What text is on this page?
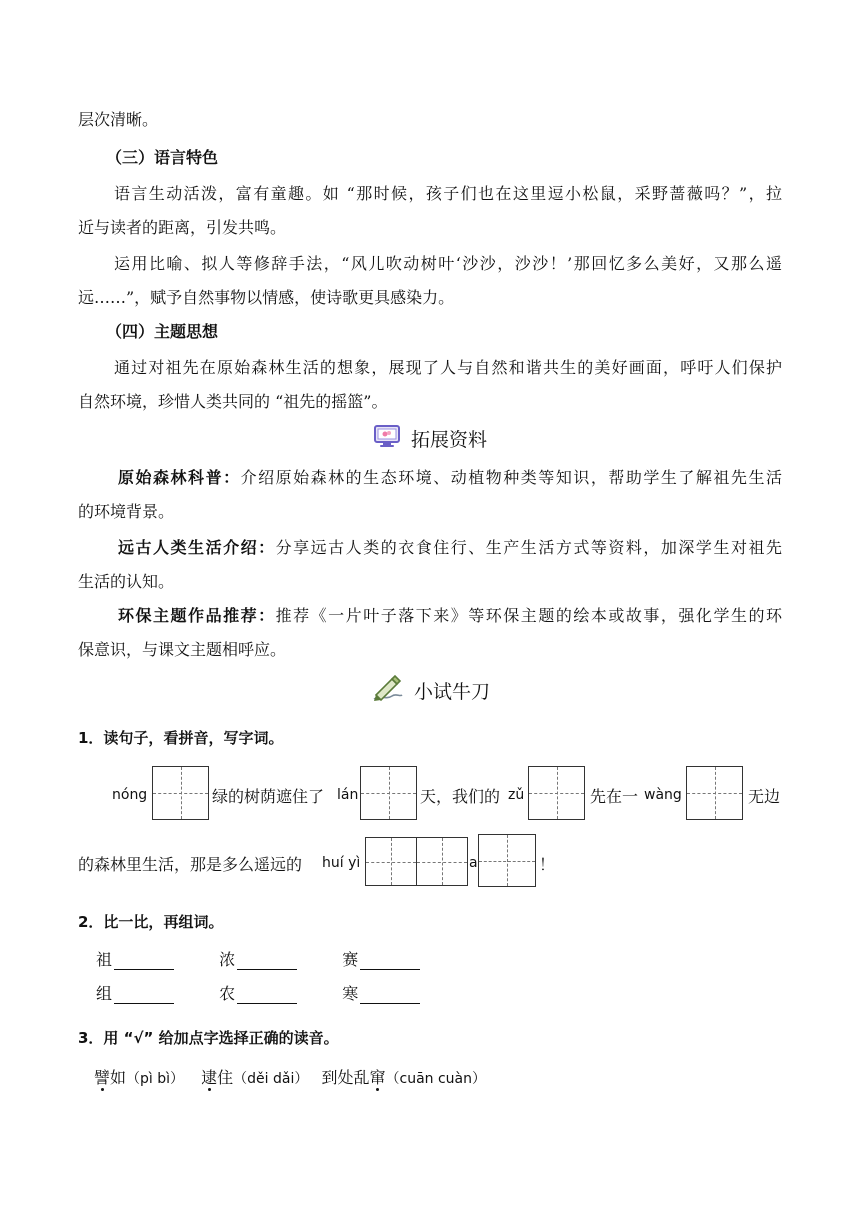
层次清晰。
（三）语言特色
语言生动活泼，富有童趣。如 “那时候，孩子们也在这里逗小松鼠，采野蔷薇吗？”，拉
近与读者的距离，引发共鸣。
运用比喻、拟人等修辞手法，“风儿吹动树叶‘沙沙，沙沙！’那回忆多么美好，又那么遥
远……”，赋予自然事物以情感，使诗歌更具感染力。
（四）主题思想
通过对祖先在原始森林生活的想象，展现了人与自然和谐共生的美好画面，呼吁人们保护
自然环境，珍惜人类共同的 “祖先的摇篮”。
拓展资料
原始森林科普：介绍原始森林的生态环境、动植物种类等知识，帮助学生了解祖先生活
的环境背景。
远古人类生活介绍：分享远古人类的衣食住行、生产生活方式等资料，加深学生对祖先
生活的认知。
环保主题作品推荐：推荐《一片叶子落下来》等环保主题的绘本或故事，强化学生的环
保意识，与课文主题相呼应。
小试牛刀
1．读句子，看拼音，写字词。
nóng	绿的树荫遮住了 lán	天，我们的 zǔ	先在一 wàng	无边
的森林里生活，那是多么遥远的 huí yì	a	！
2．比一比，再组词。
祖	浓	赛
组	农	寒
3．用 “√” 给加点字选择正确的读音。
譬如（pì bì） 逮住（děi dǎi） 到处乱窜（cuān cuàn）
